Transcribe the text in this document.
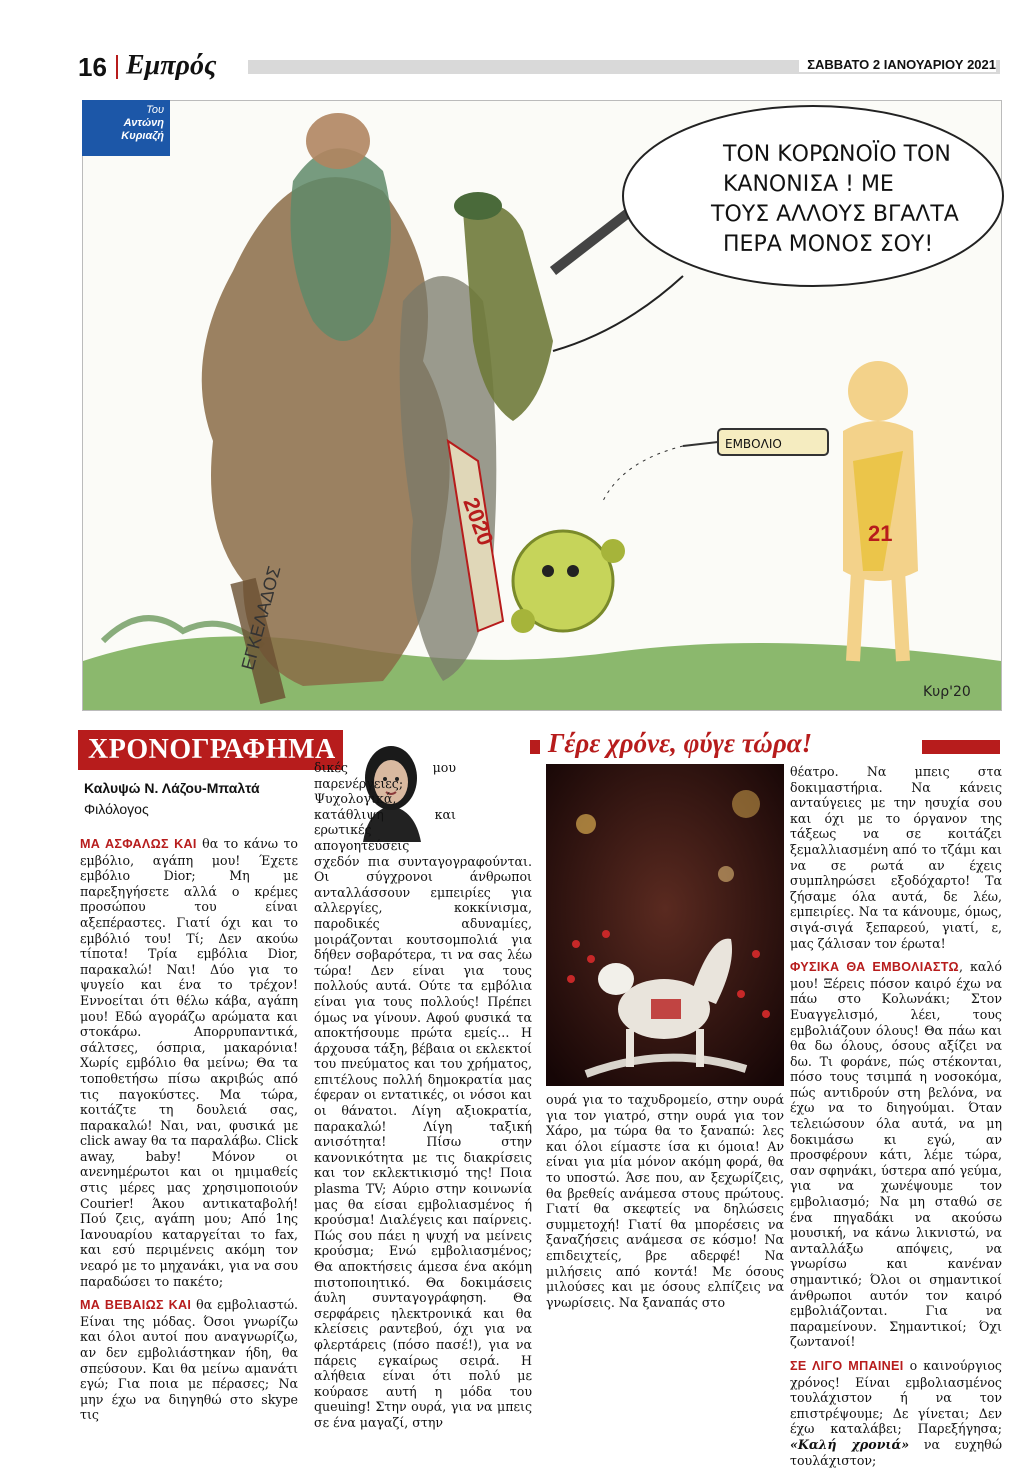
16 Εμπρός	ΣΑΒΒΑΤΟ 2 ΙΑΝΟΥΑΡΙΟΥ 2021
Του
Αντώνη
Κυριαζή
ΕΓΚΕΛΑΔΟΣ
2020
ΤΟΝ ΚΟΡΩΝΟΪΟ ΤΟΝ
ΚΑΝΟΝΙΣΑ ! ΜΕ
ΤΟΥΣ ΑΛΛΟΥΣ ΒΓΑΛΤΑ
ΠΕΡΑ ΜΟΝΟΣ ΣΟΥ!
21
ΕΜΒΟΛΙΟ
Κυρ'20
ΧΡΟΝΟΓΡΑΦΗΜΑ
Καλυψώ Ν. Λάζου-Μπαλτά
Φιλόλογος
Γέρε χρόνε, φύγε τώρα!

ΜΑ ΑΣΦΑΛΩΣ ΚΑΙ θα το κάνω το εμβόλιο, αγάπη μου! Έχετε εμβόλιο Dior; Μη με παρεξηγήσετε αλλά ο κρέμες προσώπου του είναι αξεπέραστες. Γιατί όχι και το εμβόλιό του! Τί; Δεν ακούω τίποτα! Τρία εμβόλια Dior, παρακαλώ! Ναι! Δύο για το ψυγείο και ένα το τρέχον! Εννοείται ότι θέλω κάβα, αγάπη μου! Εδώ αγοράζω αρώματα και στοκάρω. Απορρυπαντικά, σάλτσες, όσπρια, μακαρόνια! Χωρίς εμβόλιο θα μείνω; Θα τα τοποθετήσω πίσω ακριβώς από τις παγοκύστες. Μα τώρα, κοιτάζτε τη δουλειά σας, παρακαλώ! Ναι, ναι, φυσικά με click away θα τα παραλάβω. Click away, baby! Μόνον οι ανενημέρωτοι και οι ημιμαθείς στις μέρες μας χρησιμοποιούν Courier! Άκου αντικαταβολή! Πού ζεις, αγάπη μου; Από 1ης Ιανουαρίου καταργείται το fax, και εσύ περιμένεις ακόμη τον νεαρό με το μηχανάκι, για να σου παραδώσει το πακέτο;

ΜΑ ΒΕΒΑΙΩΣ ΚΑΙ θα εμβολιαστώ. Είναι της μόδας. Όσοι γνωρίζω και όλοι αυτοί που αναγνωρίζω, αν δεν εμβολιάστηκαν ήδη, θα σπεύσουν. Και θα μείνω αμανάτι εγώ; Για ποια με πέρασες; Να μην έχω να διηγηθώ στο skype τις

δικές μου παρενέργειες; Ψυχολογικά, κατάθλιψη και ερωτικές απογοητεύσεις σχεδόν πια συνταγογραφούνται. Οι σύγχρονοι άνθρωποι ανταλλάσσουν εμπειρίες για αλλεργίες, κοκκίνισμα, παροδικές αδυναμίες, μοιράζονται κουτσομπολιά για δήθεν σοβαρότερα, τι να σας λέω τώρα! Δεν είναι για τους πολλούς αυτά. Ούτε τα εμβόλια είναι για τους πολλούς! Πρέπει όμως να γίνουν. Αφού φυσικά τα αποκτήσουμε πρώτα εμείς... Η άρχουσα τάξη, βέβαια οι εκλεκτοί του πνεύματος και του χρήματος, επιτέλους πολλή δημοκρατία μας έφεραν οι εντατικές, οι νόσοι και οι θάνατοι. Λίγη αξιοκρατία, παρακαλώ! Λίγη ταξική ανισότητα! Πίσω στην κανονικότητα με τις διακρίσεις και τον εκλεκτικισμό της! Ποια plasma TV; Αύριο στην κοινωνία μας θα είσαι εμβολιασμένος ή κρούσμα! Διαλέγεις και παίρνεις. Πώς σου πάει η ψυχή να μείνεις κρούσμα; Ενώ εμβολιασμένος; Θα αποκτήσεις άμεσα ένα ακόμη πιστοποιητικό. Θα δοκιμάσεις άυλη συνταγογράφηση. Θα σερφάρεις ηλεκτρονικά και θα κλείσεις ραντεβού, όχι για να φλερτάρεις (πόσο πασέ!), για να πάρεις εγκαίρως σειρά. Η αλήθεια είναι ότι πολύ με κούρασε αυτή η μόδα του queuing! Στην ουρά, για να μπεις σε ένα μαγαζί, στην

ουρά για το ταχυδρομείο, στην ουρά για τον γιατρό, στην ουρά για τον Χάρο, μα τώρα θα το ξαναπώ: λες και όλοι είμαστε ίσα κι όμοια! Αν είναι για μία μόνον ακόμη φορά, θα το υποστώ. Άσε που, αν ξεχωρίζεις, θα βρεθείς ανάμεσα στους πρώτους. Γιατί θα σκεφτείς να δηλώσεις συμμετοχή! Γιατί θα μπορέσεις να ξαναζήσεις ανάμεσα σε κόσμο! Να επιδειχτείς, βρε αδερφέ! Να μιλήσεις από κοντά! Με όσους μιλούσες και με όσους ελπίζεις να γνωρίσεις. Να ξαναπάς στο

θέατρο. Να μπεις στα δοκιμαστήρια. Να κάνεις ανταύγειες με την ησυχία σου και όχι με το όργανον της τάξεως να σε κοιτάζει ξεμαλλιασμένη από το τζάμι και να σε ρωτά αν έχεις συμπληρώσει εξοδόχαρτο! Τα ζήσαμε όλα αυτά, δε λέω, εμπειρίες. Να τα κάνουμε, όμως, σιγά-σιγά ξεπαρεού, γιατί, ε, μας ζάλισαν τον έρωτα!

ΦΥΣΙΚΑ ΘΑ ΕΜΒΟΛΙΑΣΤΩ, καλό μου! Ξέρεις πόσον καιρό έχω να πάω στο Κολωνάκι; Στον Ευαγγελισμό, λέει, τους εμβολιάζουν όλους! Θα πάω και θα δω όλους, όσους αξίζει να δω. Τι φοράνε, πώς στέκονται, πόσο τους τσιμπά η νοσοκόμα, πώς αντιδρούν στη βελόνα, να έχω να το διηγούμαι. Όταν τελειώσουν όλα αυτά, να μη δοκιμάσω κι εγώ, αν προσφέρουν κάτι, λέμε τώρα, σαν σφηνάκι, ύστερα από γεύμα, για να χωνέψουμε τον εμβολιασμό; Να μη σταθώ σε ένα πηγαδάκι να ακούσω μουσική, να κάνω λικνιστώ, να ανταλλάξω απόψεις, να γνωρίσω και κανέναν σημαντικό; Όλοι οι σημαντικοί άνθρωποι αυτόν τον καιρό εμβολιάζονται. Για να παραμείνουν. Σημαντικοί; Όχι ζωντανοί!

ΣΕ ΛΙΓΟ ΜΠΑΙΝΕΙ ο καινούργιος χρόνος! Είναι εμβολιασμένος τουλάχιστον ή να τον επιστρέψουμε; Δε γίνεται; Δεν έχω καταλάβει; Παρεξήγησα; «Καλή χρονιά» να ευχηθώ τουλάχιστον;
